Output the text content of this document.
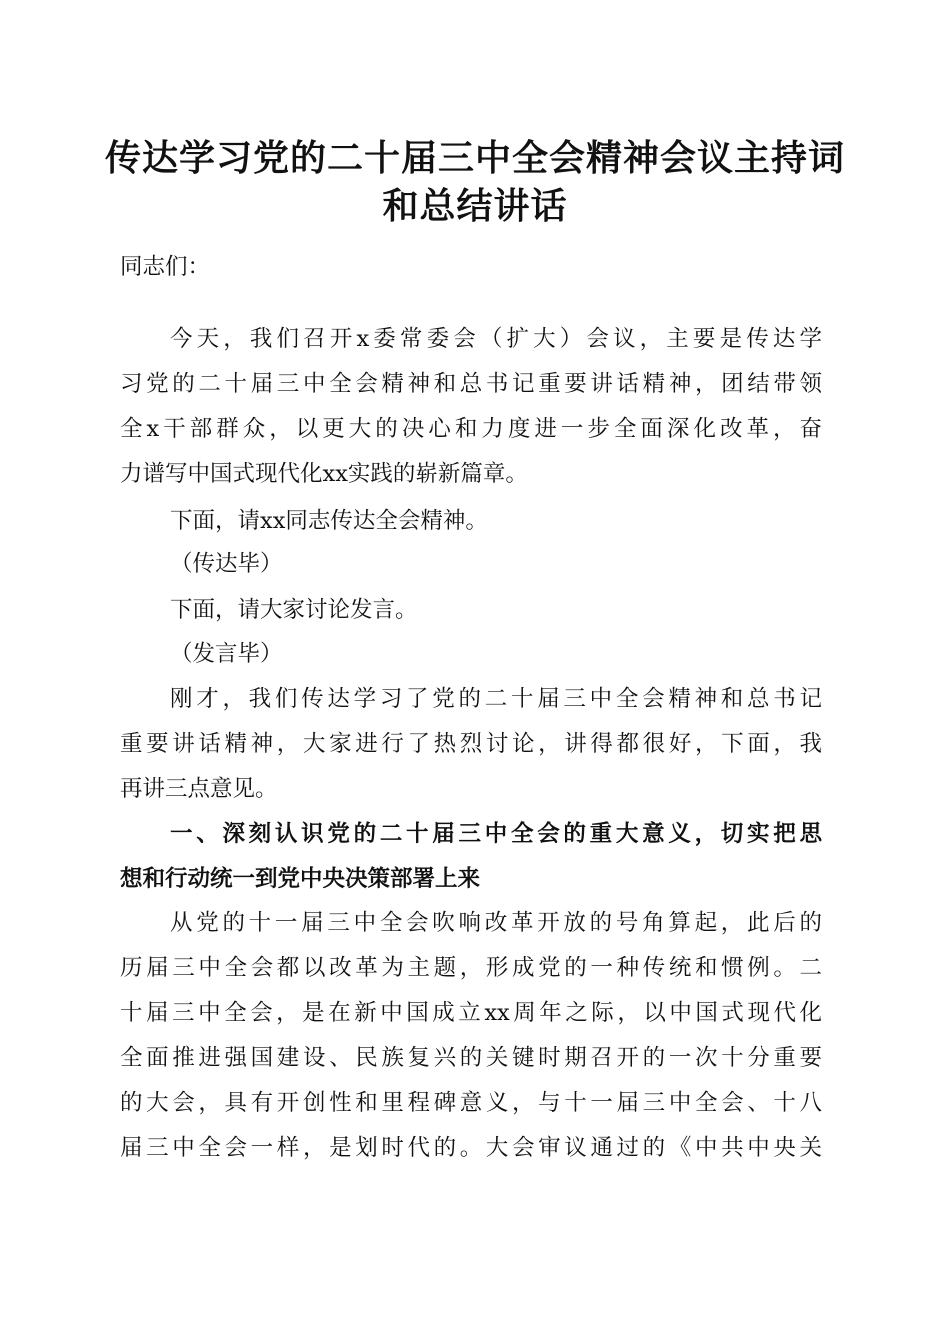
传达学习党的二十届三中全会精神会议主持词
和总结讲话

同志们：

今天，我们召开x委常委会（扩大）会议，主要是传达学

习党的二十届三中全会精神和总书记重要讲话精神，团结带领

全x干部群众，以更大的决心和力度进一步全面深化改革，奋

力谱写中国式现代化xx实践的崭新篇章。

下面，请xx同志传达全会精神。

（传达毕）

下面，请大家讨论发言。

（发言毕）

刚才，我们传达学习了党的二十届三中全会精神和总书记

重要讲话精神，大家进行了热烈讨论，讲得都很好，下面，我

再讲三点意见。

一、深刻认识党的二十届三中全会的重大意义，切实把思

想和行动统一到党中央决策部署上来

从党的十一届三中全会吹响改革开放的号角算起，此后的

历届三中全会都以改革为主题，形成党的一种传统和惯例。二

十届三中全会，是在新中国成立xx周年之际，以中国式现代化

全面推进强国建设、民族复兴的关键时期召开的一次十分重要

的大会，具有开创性和里程碑意义，与十一届三中全会、十八

届三中全会一样，是划时代的。大会审议通过的《中共中央关
